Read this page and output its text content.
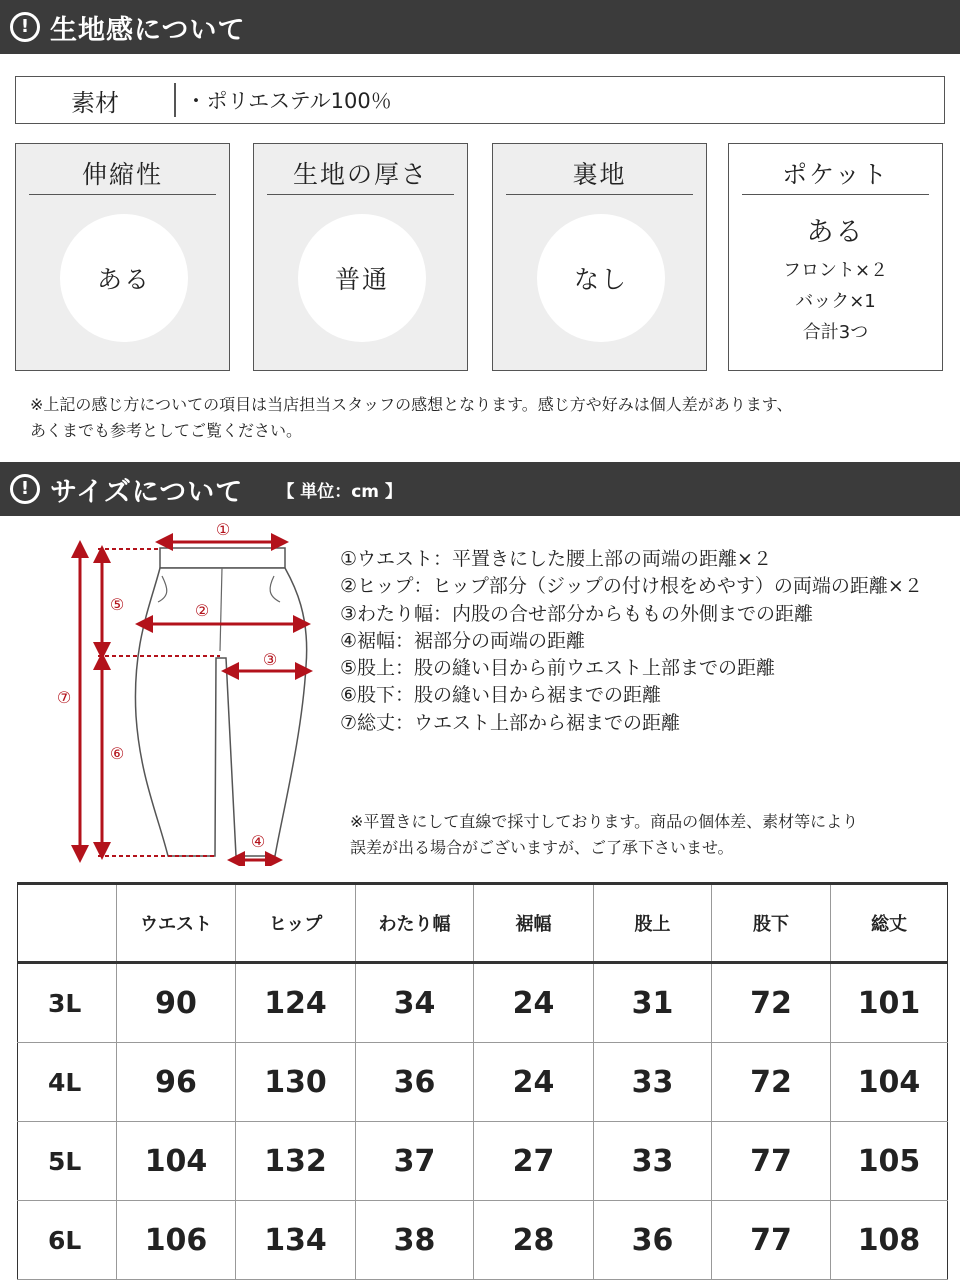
! 生地感について
素材	・ポリエステル100％
伸縮性
ある
生地の厚さ
普通
裏地
なし
ポケット
ある
フロント×２
バック×1
合計3つ
※上記の感じ方についての項目は当店担当スタッフの感想となります。感じ方や好みは個人差があります、
あくまでも参考としてご覧ください。
! サイズについて 【 単位：cm 】
①
②
③
④
⑤
⑥
⑦
①ウエスト：平置きにした腰上部の両端の距離×２
②ヒップ：ヒップ部分（ジップの付け根をめやす）の両端の距離×２
③わたり幅：内股の合せ部分からももの外側までの距離
④裾幅：裾部分の両端の距離
⑤股上：股の縫い目から前ウエスト上部までの距離
⑥股下：股の縫い目から裾までの距離
⑦総丈：ウエスト上部から裾までの距離
※平置きにして直線で採寸しております。商品の個体差、素材等により
誤差が出る場合がございますが、ご了承下さいませ。
	ウエスト	ヒップ	わたり幅	裾幅	股上	股下	総丈
3L	90	124	34	24	31	72	101
4L	96	130	36	24	33	72	104
5L	104	132	37	27	33	77	105
6L	106	134	38	28	36	77	108
